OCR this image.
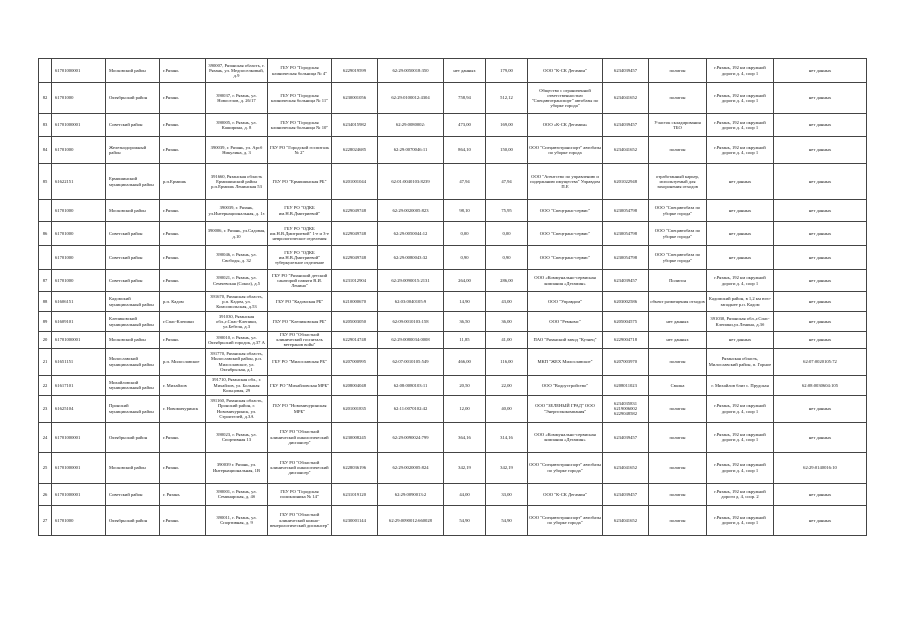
	61701000001	Московский район	г.Рязань	390007, Рязанская область, г. Рязань, ул. Медпоселковый, д.9	ГБУ РО "Городская клиническая больница № 4"	6229019599	62:29:0050018:350	нет данных	179,00	ООО "К-СК Дегамин"	6234039457	полигон	г.Рязань, 192 км окружной дороги д. 4, соор 1	нет данных
82	61701000	Октябрьский район	г.Рязань	390037, г. Рязань, ул. Новоселов, д. 26/17	ГБУ РО "Городская клиническая больница № 11"	6230001056	62:29:0100012:4304	758,94	512,12	Общество с ограниченной ответственностью "Спецавтотранспорт" автобазы по уборке города"	6234041652	полигон	г.Рязань, 192 км окружной дороги д. 4, соор 1	нет данных
83	61701000001	Советский район	г.Рязань	390005, г. Рязань, ул. Каширина, д. 8	ГБУ РО "Городская клиническая больница № 10"	6234015982	62:29:0080002:	473,00	169,00	ООО «К-СК Дегамин»	6234039457	Участок складирования ТБО	г.Рязань, 192 км окружной дороги д. 4, соор 1	нет данных
84	61701000	Железнодорожный район	г.Рязань	390039, г. Рязань, ул. Арсб Никулина, д. 3	ГБУ РО "Городской госпиталь № 2"	6228024685	62:29:0070046:11	864,10	150,00	ООО "Спецавтотранспорт" автобазы по уборке города	6234041652	полигон	г.Рязань, 192 км окружной дороги д. 4, соор 1	нет данных
85	61622151	Ермишинский муниципальный район	р.п.Ермишь	391660, Рязанская область Ермишинский район р.п.Ермишь Ленинская 53	ГБУ РО "Ермишинская РБ"	6201001044	62:01:0040103:8239	47,94	47,94	ООО "Агентство по управлению и подержанию имущества" Управдом П.Е	6201022948	отработанный карьер, используемый для захоронения отходов	нет данных	нет данных
	61701000	Московский район	г.Рязань	390039, г. Рязань, ул.Интернациональная, д. 1з	ГБУ РО "ОДКБ им.Н.В.Дмитриевой"	6229049748	62:29:0020005:823	98,10	75,95	ООО "Спецтранс-сервис"	6230054798	ООО "Спецавтобаза по уборке города"	нет данных	нет данных
86	61701000	Советский район	г.Рязань	390006, г. Рязань, ул.Садовая, д.10	ГБУ РО "ОДКБ им.Н.В.Дмитриевой" 1-е и 3-е неврологическое отделения	6229049748	62:29:0050044:12	0,00	0,00	ООО "Спецтранс-сервис"	6230054798	ООО "Спецавтобаза по уборке города"	нет данных	нет данных
	61701000	Советский район	г.Рязань	390046, г. Рязань, ул. Свободы, д. 32	ГБУ РО "ОДКБ им.Н.В.Дмитриевой" туберкулезное отделение	6229049748	62:29:0080043:32	0,90	0,90	ООО "Спецтранс-сервис"	6230054798	ООО "Спецавтобаза по уборке города"	нет данных	нет данных
87	61701000	Советский район	г.Рязань	390021, г. Рязань, ул. Семчевская (Сокол), д.5	ГБУ РО "Рязанский детский санаторий памяти В.И. Ленина"	6231012904	62:29:0090015:2131	264,00	286,00	ООО «Коммунально-сервисная компания «Дегамин»	6234039457	Полигон	г.Рязань, 192 км окружной дороги д. 4, соор 1	нет данных
88	61606151	Кадомский муниципальный район	р.п. Кадом	391670, Рязанская область, р.п. Кадом, ул. Комсомольская, д.53	ГБУ РО "Кадомская РБ"	6210000670	62:03:0040105:9	14,90	43,00	ООО "Управдом"	6203002586	объект размещения отходов	Кадомский район, в 1,2 км юго-западнее р.п. Кадом	нет данных
89	61609101	Клепиковский муниципальный район	г.Спас-Клепики	391030, Рязанская обл.,г.Спас-Клепики, ул.Бебеля, д.3	ГБУ РО "Клепиковская РБ"	6205003050	62:09:0010103:158	36,50	36,00	ООО "Ремкомс"	6205004575	нет данных	391030, Рязанская обл.,г.Спас-Клепики,ул.Ленина, д.3б	нет данных
20	61701000001	Московский район	г.Рязань	390010, г. Рязань, ул. Октябрьский городок, д.37 А	ГБУ РО "Областной клинический госпиталь ветеранов войн"	6229014748	62:29:0080034:0008	11,85	41,00	ПАО "Рязанский завод "Кузнец"	6229004718	нет данных	нет данных	нет данных
21	61651151	Милославский муниципальный район	р.п. Милославское	391770, Рязанская область, Милославский район, р.п. Милославское, ул. Октябрьская, д.1	ГБУ РО "Милославская РБ"	6207000995	62:07:0010105:549	466,00	116,00	МКП "ЖЕХ Милославское"	6207003970	полигон	Рязанская область, Милославский район, п. Горное	62:07:0020105:72
22	61617101	Михайловский муниципальный район	г. Михайлов	391710, Рязанская обл., г. Михайлов, ул. Большая Кольцовая, 29	ГБУ РО "Михайловская МРБ"	6208004048	62:08:0080103:11	20,50	22,00	ООО "Водоустройство"	6208011023	Свалка	г. Михайлов близ с. Прудская	62:08:0030604:105
23	61625104	Пронский муниципальный район	г. Новомичуринск	391160, Рязанская область, Пронский район, г. Новомичуринск, ул. Строителей, д.3А	ГБУ РО "Новомичуринская МРБ"	6201001835	62:11:0070102:42	12,00	40,00	ООО "ЗЕЛЕНЫЙ ГРАД" ООО "Энергоэкокомпания"	6234035831 6219006002 6229048582	полигон	г.Рязань, 192 км окружной дороги д. 4, соор 1	нет данных
24	61701000001	Октябрьский район	г.Рязань	390023, г. Рязань, ул. Спортивная 13	ГБУ РО "Областной клинический онкологический диспансер"	6230008245	62:29:0090024:799	364,16	314,16	ООО «Коммунально-сервисная компания «Дегамин»	6234039457	полигон	г.Рязань, 192 км окружной дороги д. 4, соор 1	нет данных
25	61701000001	Московский район	г.Рязань	390039 г. Рязань, ул. Интернациональная, 1В	ГБУ РО "Областной клинический онкологический диспансер"	6228036196	62:29:0020005:824	342,19	342,19	ООО "Спецавтотранспорт" автобазы по уборке города"	6234041652	полигон	г.Рязань, 192 км окружной дороги д. 4, соор 1	62:29:0140016:10
26	61701000001	Советский район	г. Рязань	390001, г. Рязань, ул. Семинарская, д. 4б	ГБУ РО "Городская поликлиника № 14"	6231019120	62:29:0090013:2	44,00	33,00	ООО "К-СК Дегамин"	6234039457	полигон	г.Рязань, 192 км окружной дороги д. 4, соор. 2	нет данных
27	61701000	Октябрьский район	г.Рязань	390011, г. Рязань, ул. Спортивная, д. 9	ГБУ РО "Областной клинический кожно-венерологический диспансер"	6230001144	62:29:0090012:660028	54,90	54,90	ООО "Спецавтотранспорт" автобазы по уборке города"	6234041652	полигон	г.Рязань, 192 км окружной дороги д. 4, соор 1	нет данных
